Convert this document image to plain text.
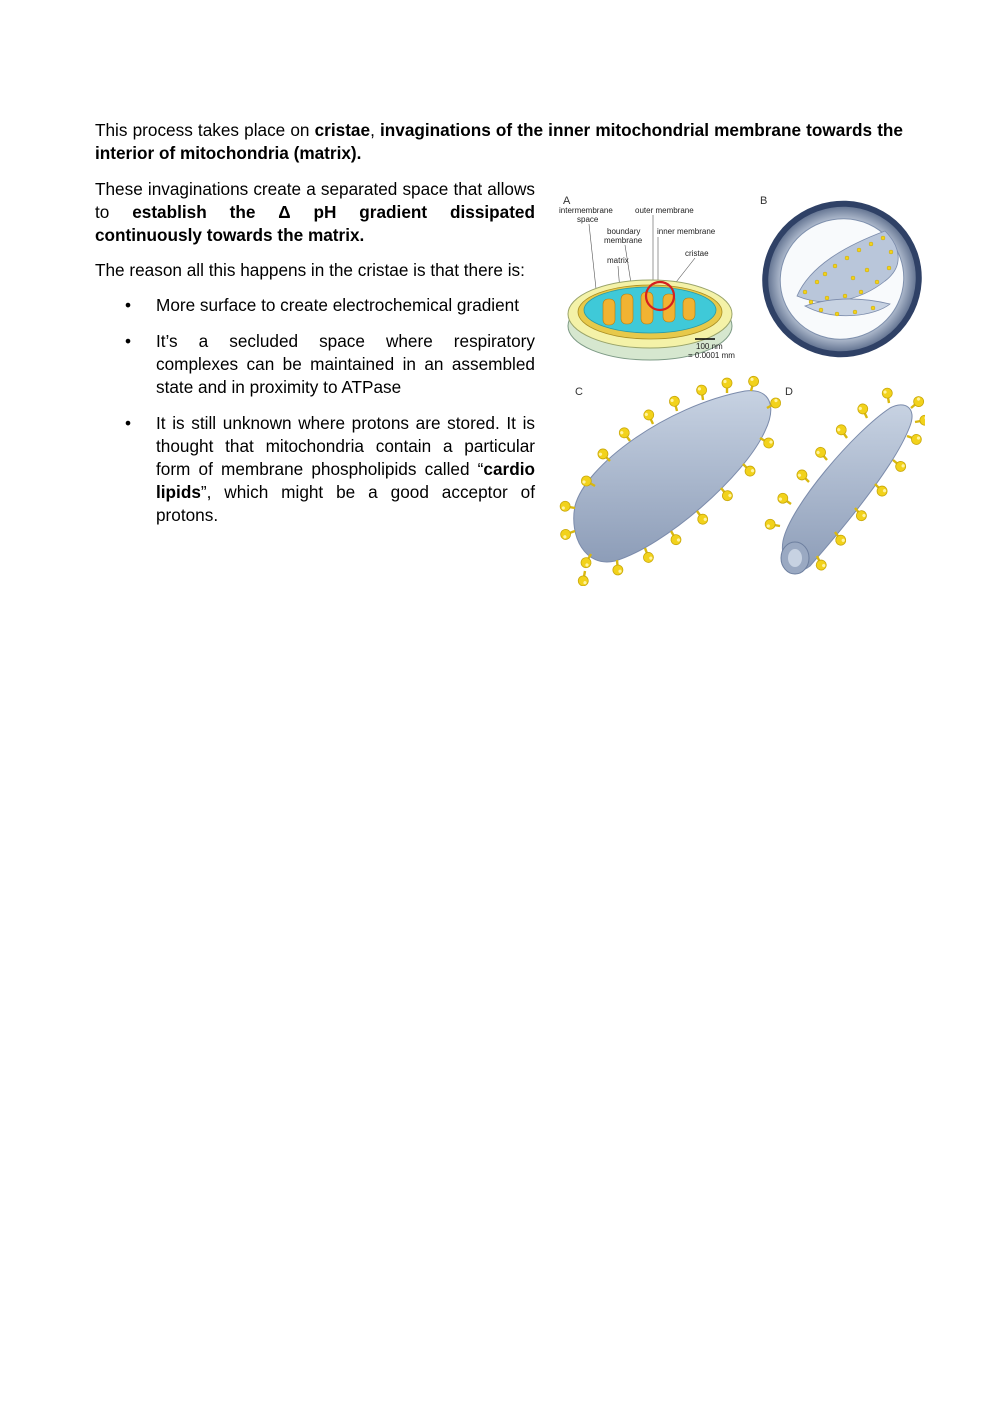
This process takes place on cristae, invaginations of the inner mitochondrial membrane towards the interior of mitochondria (matrix).

These invaginations create a separated space that allows to establish the Δ pH gradient dissipated continuously towards the matrix.

The reason all this happens in the cristae is that there is:

• More surface to create electrochemical gradient
• It’s a secluded space where respiratory complexes can be maintained in an assembled state and in proximity to ATPase
• It is still unknown where protons are stored. It is thought that mitochondria contain a particular form of membrane phospholipids called “cardio lipids”, which might be a good acceptor of protons.
A
intermembrane
space
outer membrane
boundary
membrane
inner membrane
cristae
matrix
100 nm
= 0.0001 mm
B
C	D
